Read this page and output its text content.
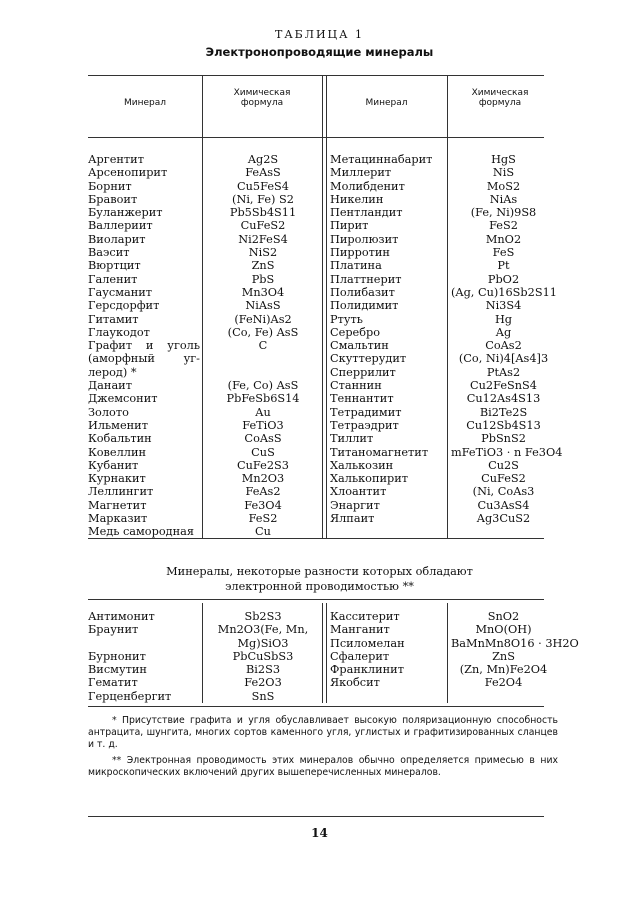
ТАБЛИЦА 1
Электронопроводящие минералы
Минерал
Химическая формула	Минерал
Химическая формула
Аргентит
Арсенопирит
Борнит
Бравоит
Буланжерит
Валлериит
Виоларит
Ваэсит
Вюртцит
Галенит
Гаусманит
Герсдорфит
Гитамит
Глаукодот
Графит и уголь
(аморфный	уг-
лерод) *
Данаит
Джемсонит
Золото
Ильменит
Кобальтин
Ковеллин
Кубанит
Курнакит
Леллингит
Магнетит
Марказит
Медь самородная
Ag2S
FeAsS
Cu5FeS4
(Ni, Fe) S2
Pb5Sb4S11
CuFeS2
Ni2FeS4
NiS2
ZnS
PbS
Mn3O4
NiAsS
(FeNi)As2
(Co, Fe) AsS
C
(Fe, Co) AsS
PbFeSb6S14
Au
FeTiO3
CoAsS
CuS
CuFe2S3
Mn2O3
FeAs2
Fe3O4
FeS2
Cu
Метациннабарит
Миллерит
Молибденит
Никелин
Пентландит
Пирит
Пиролюзит
Пирротин
Платина
Платтнерит
Полибазит
Полидимит
Ртуть
Серебро
Смальтин
Скуттерудит
Сперрилит
Станнин
Теннантит
Тетрадимит
Тетраэдрит
Тиллит
Титаномагнетит
Халькозин
Халькопирит
Хлоантит
Энаргит
Ялпаит
HgS
NiS
MoS2
NiAs
(Fe, Ni)9S8
FeS2
MnO2
FeS
Pt
PbO2
(Ag, Cu)16Sb2S11
Ni3S4
Hg
Ag
CoAs2
(Co, Ni)4[As4]3
PtAs2
Cu2FeSnS4
Cu12As4S13
Bi2Te2S
Cu12Sb4S13
PbSnS2
mFeTiO3 · n Fe3O4
Cu2S
CuFeS2
(Ni, CoAs3
Cu3AsS4
Ag3CuS2
Минералы, некоторые разности которых обладают
электронной проводимостью **
Антимонит
Браунит
Бурнонит
Висмутин
Гематит
Герценбергит
Sb2S3
Mn2O3(Fe, Mn,
Mg)SiO3
PbCuSbS3
Bi2S3
Fe2O3
SnS
Касситерит
Манганит
Псиломелан
Сфалерит
Франклинит
Якобсит
SnO2
MnO(OH)
BaMnMn8O16 · 3H2O
ZnS
(Zn, Mn)Fe2O4
Fe2O4
* Присутствие графита и угля обуславливает высокую поляризационную способность антрацита, шунгита, многих сортов каменного угля, углистых и графитизированных сланцев и т. д.
** Электронная проводимость этих минералов обычно определяется примесью в них микроскопических включений других вышеперечисленных минералов.
14
